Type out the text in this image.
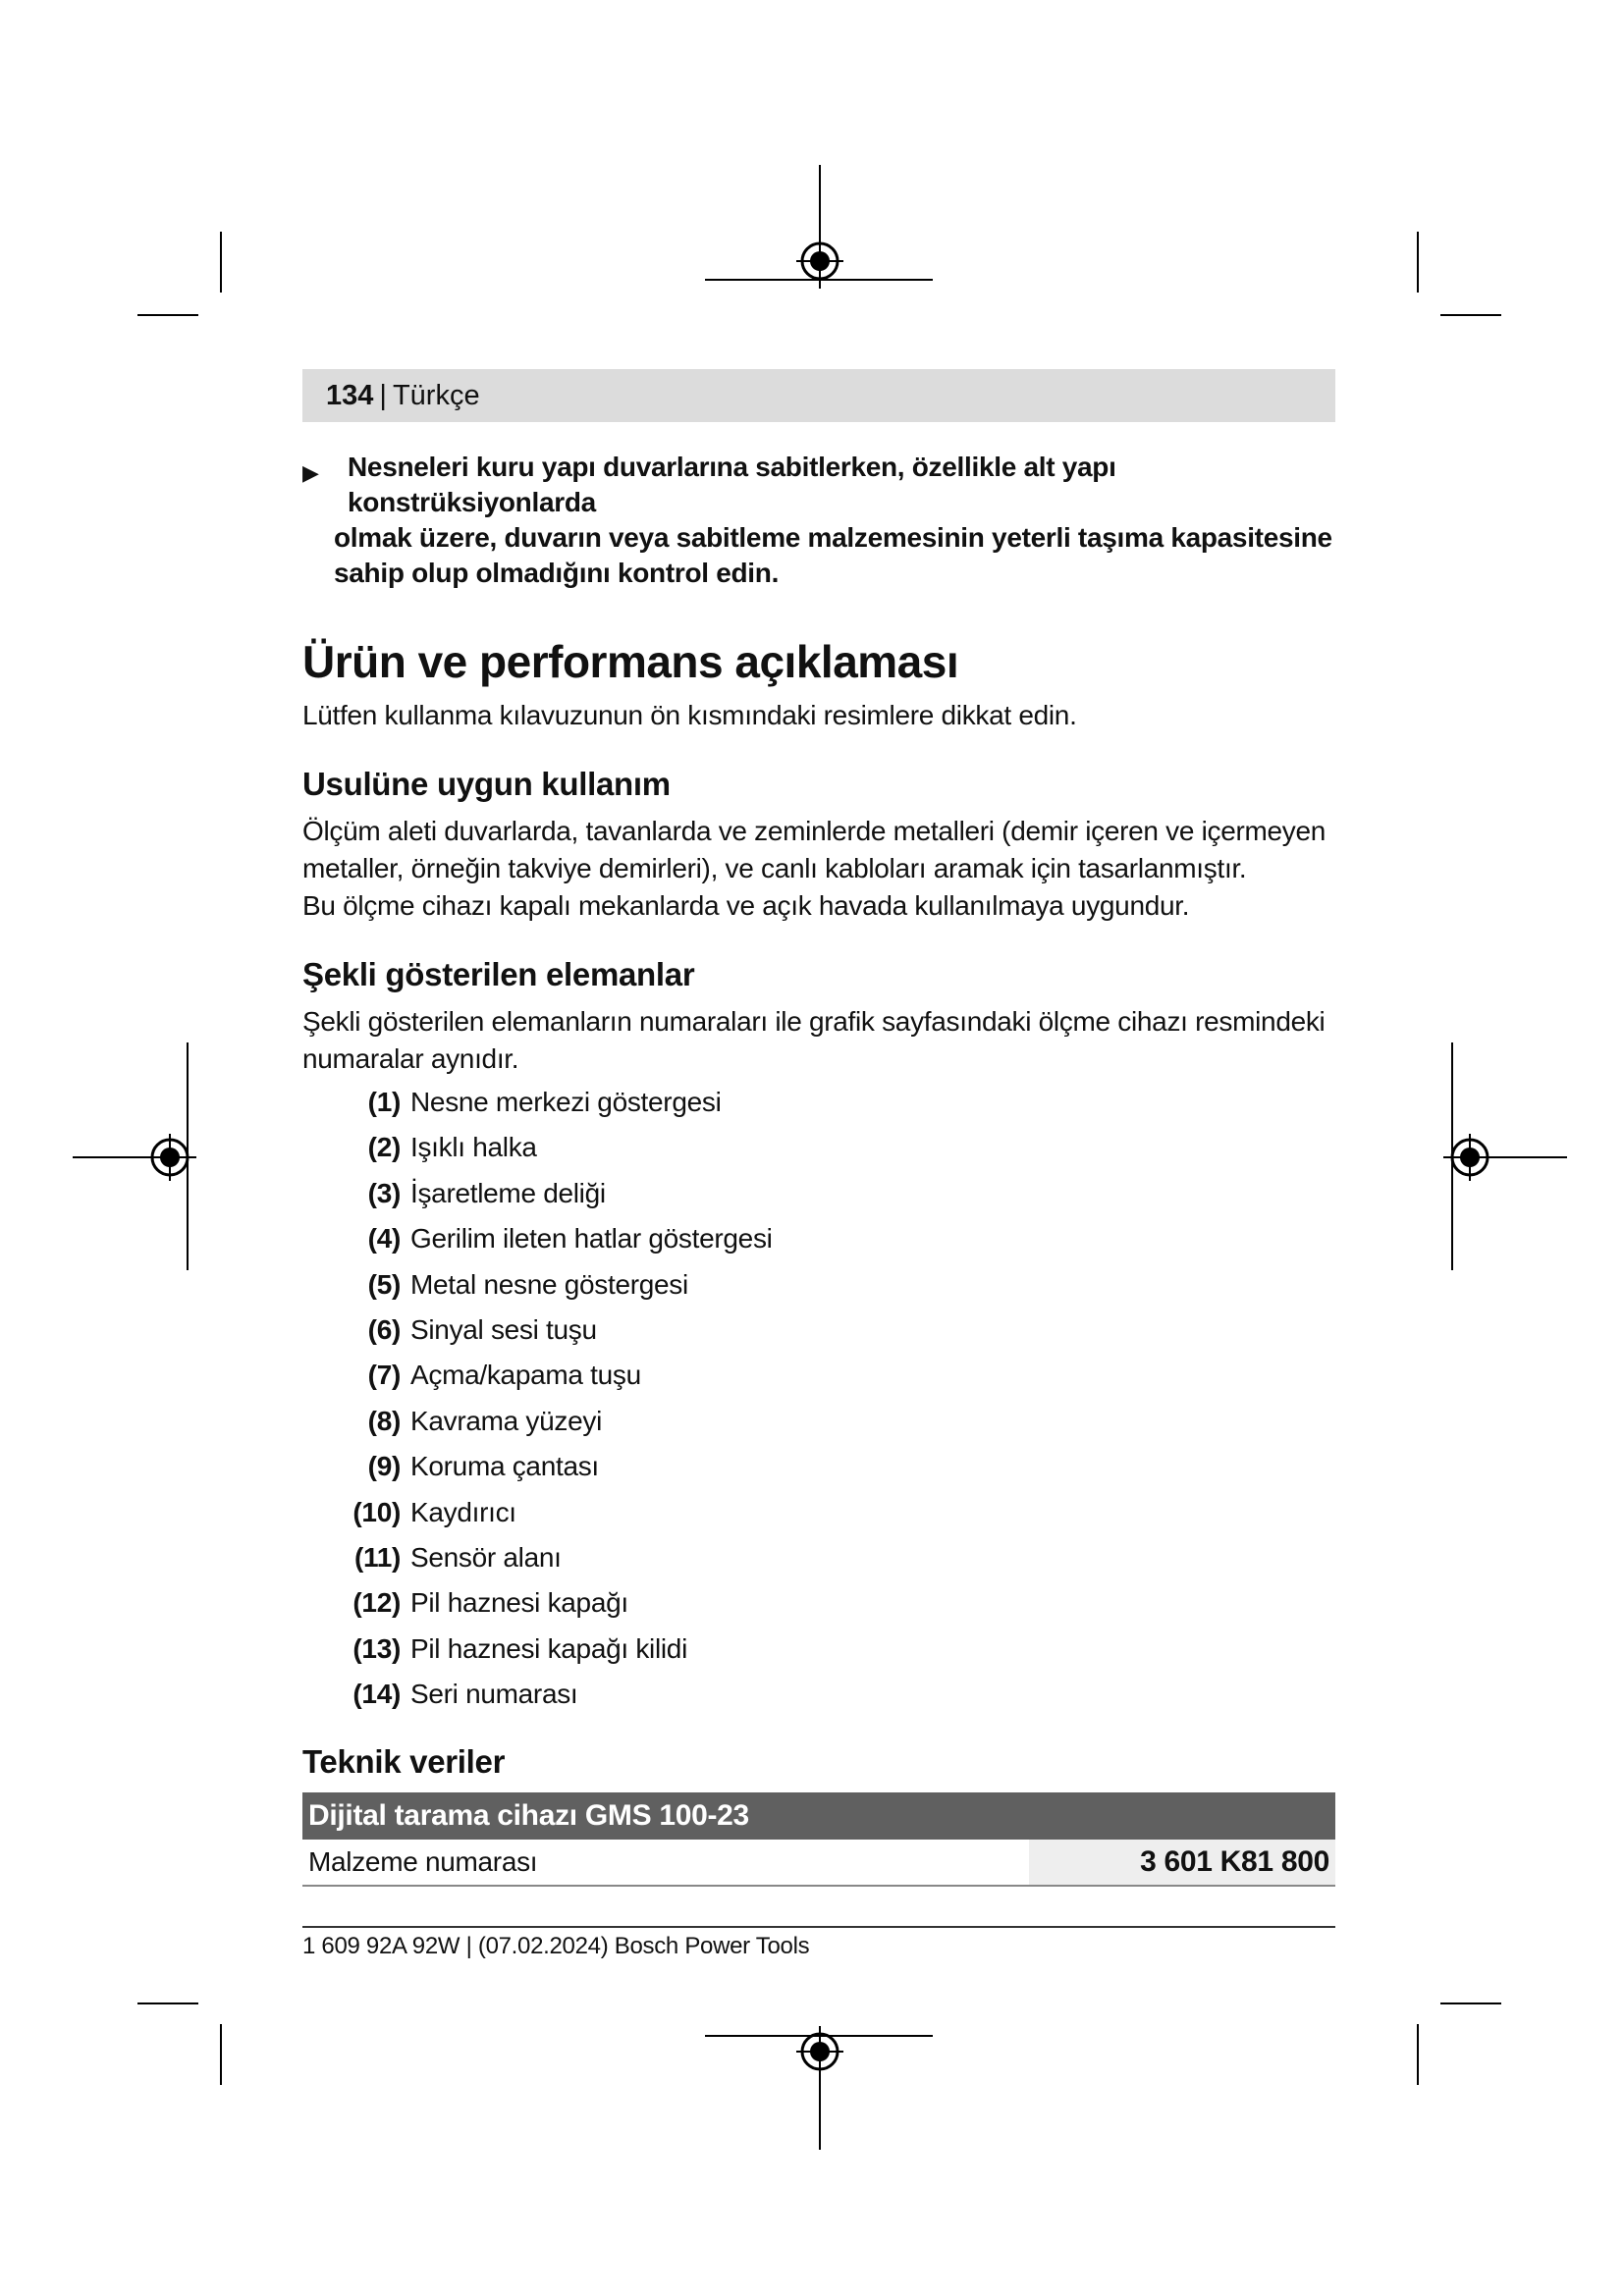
134 | Türkçe
▶ Nesneleri kuru yapı duvarlarına sabitlerken, özellikle alt yapı konstrüksiyonlarda
olmak üzere, duvarın veya sabitleme malzemesinin yeterli taşıma kapasitesine
sahip olup olmadığını kontrol edin.
Ürün ve performans açıklaması

Lütfen kullanma kılavuzunun ön kısmındaki resimlere dikkat edin.

Usulüne uygun kullanım

Ölçüm aleti duvarlarda, tavanlarda ve zeminlerde metalleri (demir içeren ve içermeyen

metaller, örneğin takviye demirleri), ve canlı kabloları aramak için tasarlanmıştır.

Bu ölçme cihazı kapalı mekanlarda ve açık havada kullanılmaya uygundur.

Şekli gösterilen elemanlar

Şekli gösterilen elemanların numaraları ile grafik sayfasındaki ölçme cihazı resmindeki

numaralar aynıdır.

(1) Nesne merkezi göstergesi
(2) Işıklı halka
(3) İşaretleme deliği
(4) Gerilim ileten hatlar göstergesi
(5) Metal nesne göstergesi
(6) Sinyal sesi tuşu
(7) Açma/kapama tuşu
(8) Kavrama yüzeyi
(9) Koruma çantası
(10) Kaydırıcı
(11) Sensör alanı
(12) Pil haznesi kapağı
(13) Pil haznesi kapağı kilidi
(14) Seri numarası
Teknik veriler
Dijital tarama cihazı GMS 100-23
Malzeme numarası	3 601 K81 800
1 609 92A 92W | (07.02.2024) Bosch Power Tools
